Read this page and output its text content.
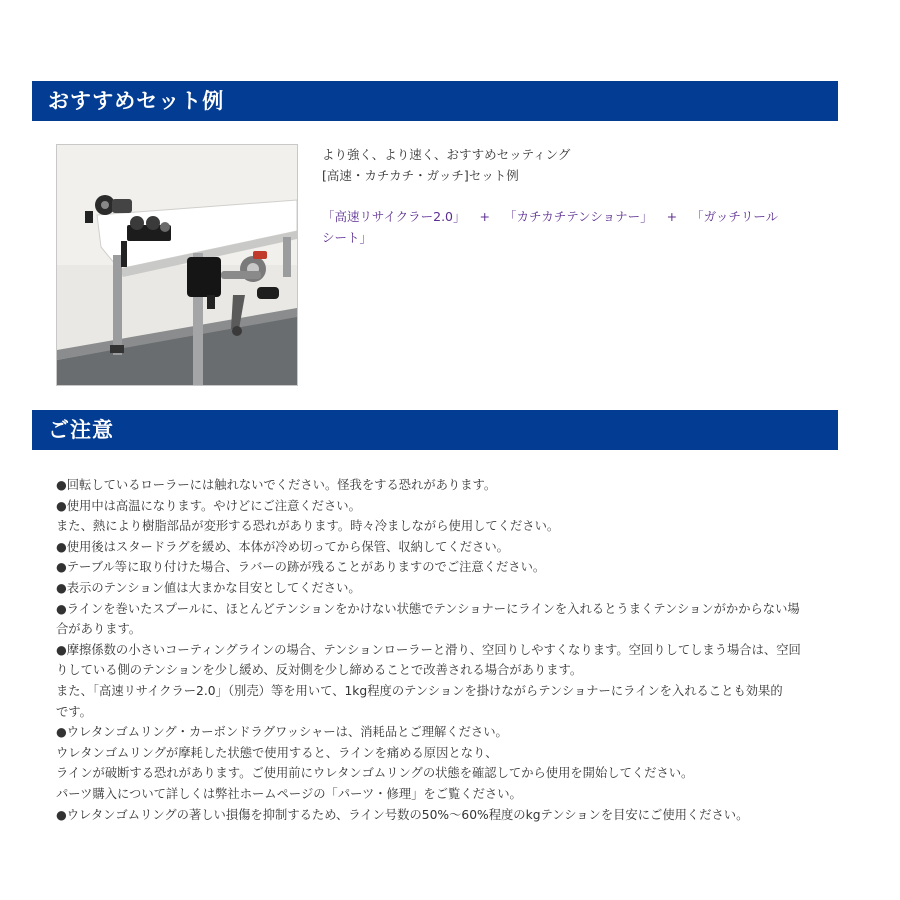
おすすめセット例

より強く、より速く、おすすめセッティング

[高速・カチカチ・ガッチ]セット例

「高速リサイクラー2.0」 + 「カチカチテンショナー」 + 「ガッチリール
シート」
ご注意
●回転しているローラーには触れないでください。怪我をする恐れがあります。
●使用中は高温になります。やけどにご注意ください。
また、熱により樹脂部品が変形する恐れがあります。時々冷ましながら使用してください。
●使用後はスタードラグを緩め、本体が冷め切ってから保管、収納してください。
●テーブル等に取り付けた場合、ラバーの跡が残ることがありますのでご注意ください。
●表示のテンション値は大まかな目安としてください。
●ラインを巻いたスプールに、ほとんどテンションをかけない状態でテンショナーにラインを入れるとうまくテンションがかからない場
合があります。
●摩擦係数の小さいコーティングラインの場合、テンションローラーと滑り、空回りしやすくなります。空回りしてしまう場合は、空回
りしている側のテンションを少し緩め、反対側を少し締めることで改善される場合があります。
また、「高速リサイクラー2.0」（別売）等を用いて、1kg程度のテンションを掛けながらテンショナーにラインを入れることも効果的
です。
●ウレタンゴムリング・カーボンドラグワッシャーは、消耗品とご理解ください。
ウレタンゴムリングが摩耗した状態で使用すると、ラインを痛める原因となり、
ラインが破断する恐れがあります。ご使用前にウレタンゴムリングの状態を確認してから使用を開始してください。
パーツ購入について詳しくは弊社ホームページの「パーツ・修理」をご覧ください。
●ウレタンゴムリングの著しい損傷を抑制するため、ライン号数の50%～60%程度のkgテンションを目安にご使用ください。
